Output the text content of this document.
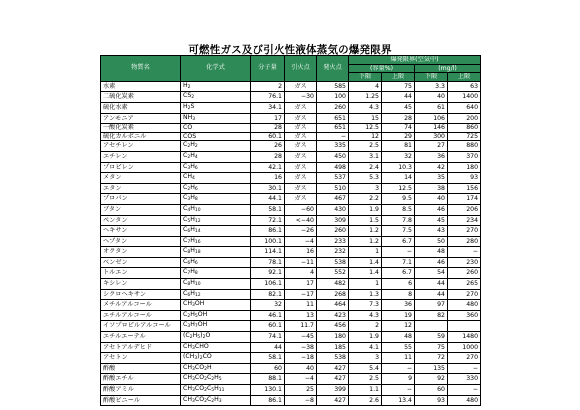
可燃性ガス及び引火性液体蒸気の爆発限界
物質名	化学式	分子量	引火点	発火点	爆発限界(空気中)			
					(容量%)		(mg/l)	
					下限	上限	下限	上限
水素	H2	2	ガス	585	4	75	3.3	63
二硫化炭素	CS2	76.1	−30	100	1.25	44	40	1400
硫化水素	H2S	34.1	ガス	260	4.3	45	61	640
アンモニア	NH3	17	ガス	651	15	28	106	200
一酸化炭素	CO	28	ガス	651	12.5	74	146	860
硫化カルボニル	COS	60.1	ガス	−	12	29	300	725
アセチレン	C2H2	26	ガス	335	2.5	81	27	880
エチレン	C2H4	28	ガス	450	3.1	32	36	370
プロピレン	C3H6	42.1	ガス	498	2.4	10.3	42	180
メタン	CH4	16	ガス	537	5.3	14	35	93
エタン	C2H6	30.1	ガス	510	3	12.5	38	156
プロパン	C3H8	44.1	ガス	467	2.2	9.5	40	174
ブタン	C4H10	58.1	−60	430	1.9	8.5	46	206
ペンタン	C5H12	72.1	<−40	309	1.5	7.8	45	234
ヘキサン	C6H14	86.1	−26	260	1.2	7.5	43	270
ヘプタン	C7H16	100.1	−4	233	1.2	6.7	50	280
オクタン	C8H18	114.1	16	232	1	−	48	−
ベンゼン	C6H6	78.1	−11	538	1.4	7.1	46	230
トルエン	C7H8	92.1	4	552	1.4	6.7	54	260
キシレン	C8H10	106.1	17	482	1	6	44	265
シクロヘキサン	C6H12	82.1	−17	268	1.3	8	44	270
メチルアルコール	CH3OH	32	11	464	7.3	36	97	480
エチルアルコール	C2H5OH	46.1	13	423	4.3	19	82	360
イソプロピルアルコール	C3H7OH	60.1	11.7	456	2	12		
エチルエーテル	(C2H5)2O	74.1	−45	180	1.9	48	59	1480
アセトアルデヒド	CH3CHO	44	−38	185	4.1	55	75	1000
アセトン	(CH3)2CO	58.1	−18	538	3	11	72	270
酢酸	CH3CO2H	60	40	427	5.4	−	135	−
酢酸エチル	CH3CO2C2H5	88.1	−4	427	2.5	9	92	330
酢酸アミル	CH3CO2C5H11	130.1	25	399	1.1	−	60	−
酢酸ビニール	CH3CO2C2H3	86.1	−8	427	2.6	13.4	93	480
